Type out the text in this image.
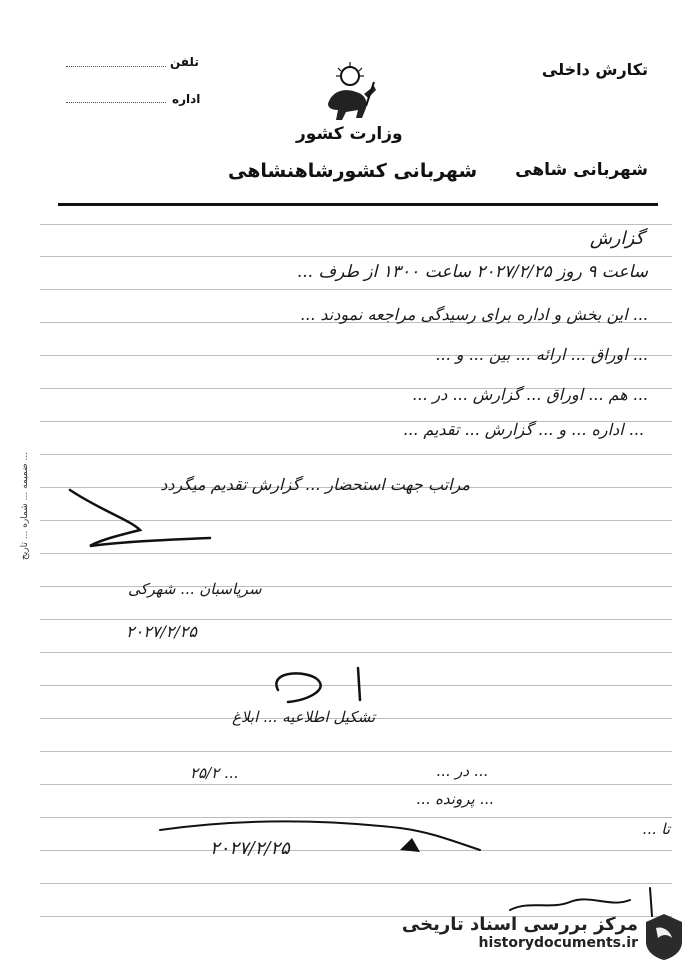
تکارش داخلی
تلفن
اداره
وزارت کشور
شهربانی کشورشاهنشاهی شهربانی شاهی
گزارش
ساعت ۹ روز ۲۰۲۷/۲/۲۵ ساعت ۱۳۰۰ از طرف ...
... این بخش و اداره برای رسیدگی مراجعه نمودند ...
... اوراق ... ارائه ... بین ... و ...
... هم ... اوراق ... گزارش ... در ...
... اداره ... و ... گزارش ... تقدیم ...
مراتب جهت استحضار ... گزارش تقدیم میگردد
سرپاسبان ... شهرکی
۲۰۲۷/۲/۲۵
تشکیل اطلاعیه ... ابلاغ
... ۲۵/۲	... در ...
... پرونده ...
تا ...
۲۰۲۷/۲/۲۵
ضمیمه ... شماره ... تاریخ ...
مرکز بررسی اسناد تاریخی
historydocuments.ir
